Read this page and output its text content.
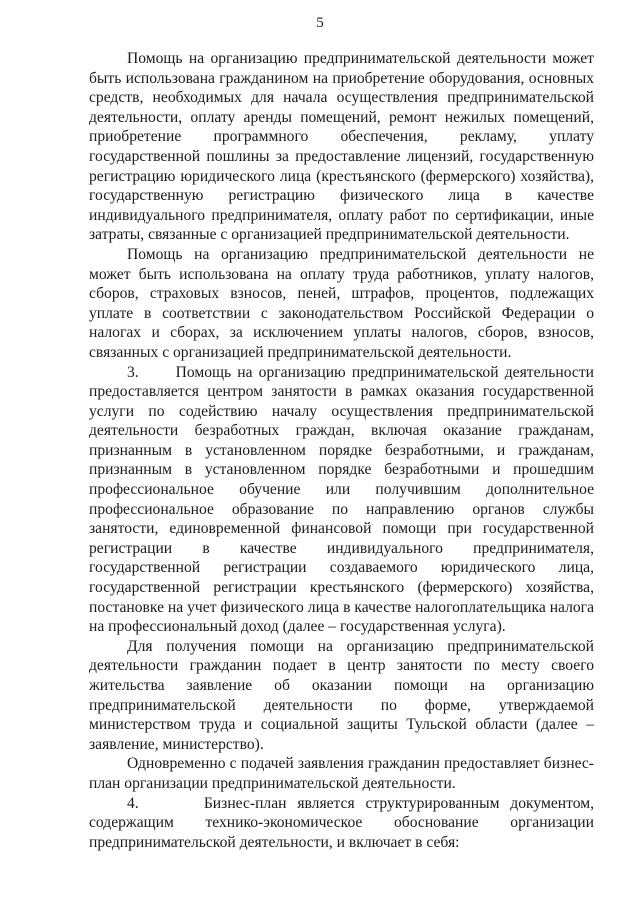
5

Помощь на организацию предпринимательской деятельности может быть использована гражданином на приобретение оборудования, основных средств, необходимых для начала осуществления предпринимательской деятельности, оплату аренды помещений, ремонт нежилых помещений, приобретение программного обеспечения, рекламу, уплату государственной пошлины за предоставление лицензий, государственную регистрацию юридического лица (крестьянского (фермерского) хозяйства), государственную регистрацию физического лица в качестве индивидуального предпринимателя, оплату работ по сертификации, иные затраты, связанные с организацией предпринимательской деятельности.

Помощь на организацию предпринимательской деятельности не может быть использована на оплату труда работников, уплату налогов, сборов, страховых взносов, пеней, штрафов, процентов, подлежащих уплате в соответствии с законодательством Российской Федерации о налогах и сборах, за исключением уплаты налогов, сборов, взносов, связанных с организацией предпринимательской деятельности.

3.      Помощь на организацию предпринимательской деятельности предоставляется центром занятости в рамках оказания государственной услуги по содействию началу осуществления предпринимательской деятельности безработных граждан, включая оказание гражданам, признанным в установленном порядке безработными, и гражданам, признанным в установленном порядке безработными и прошедшим профессиональное обучение или получившим дополнительное профессиональное образование по направлению органов службы занятости, единовременной финансовой помощи при государственной регистрации в качестве индивидуального предпринимателя, государственной регистрации создаваемого юридического лица, государственной регистрации крестьянского (фермерского) хозяйства, постановке на учет физического лица в качестве налогоплательщика налога на профессиональный доход (далее – государственная услуга).

Для получения помощи на организацию предпринимательской деятельности гражданин подает в центр занятости по месту своего жительства заявление об оказании помощи на организацию предпринимательской деятельности по форме, утверждаемой министерством труда и социальной защиты Тульской области (далее – заявление, министерство).

Одновременно с подачей заявления гражданин предоставляет бизнес-план организации предпринимательской деятельности.

4.      Бизнес-план является структурированным документом, содержащим технико-экономическое обоснование организации предпринимательской деятельности, и включает в себя:
